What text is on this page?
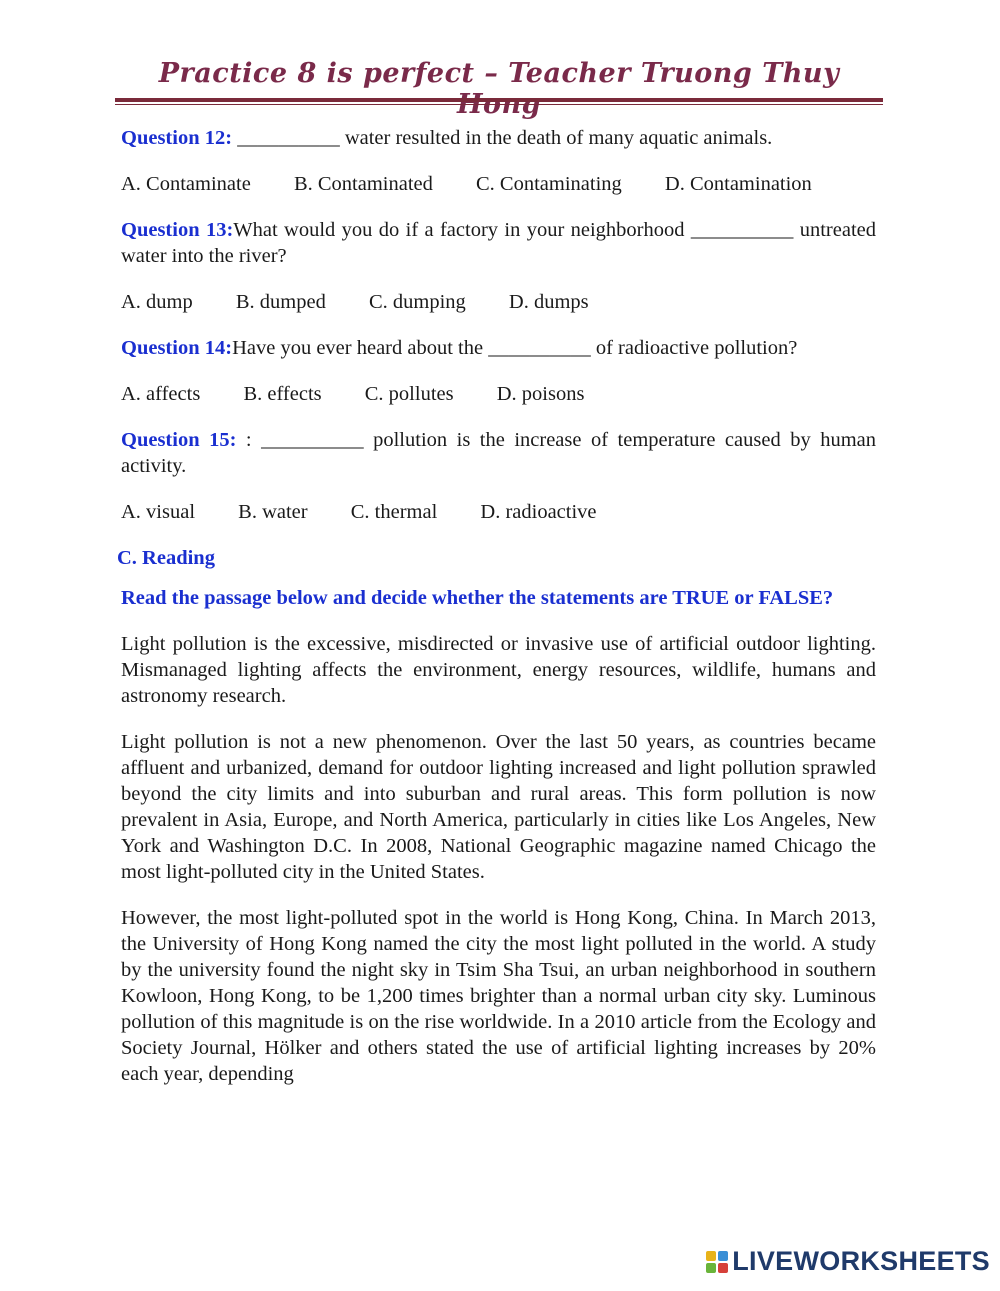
Practice 8 is perfect – Teacher Truong Thuy
Question 12: __________ water resulted in the death of many aquatic animals.
A. Contaminate B. Contaminated C. Contaminating D. Contamination
Question 13:What would you do if a factory in your neighborhood __________ untreated water into the river?
A. dump B. dumped C. dumping D. dumps
Question 14:Have you ever heard about the __________ of radioactive pollution?
A. affects B. effects C. pollutes D. poisons
Question 15: : __________ pollution is the increase of temperature caused by human activity.
A. visual B. water C. thermal D. radioactive
C. Reading
Read the passage below and decide whether the statements are TRUE or FALSE?
Light pollution is the excessive, misdirected or invasive use of artificial outdoor lighting. Mismanaged lighting affects the environment, energy resources, wildlife, humans and astronomy research.
Light pollution is not a new phenomenon. Over the last 50 years, as countries became affluent and urbanized, demand for outdoor lighting increased and light pollution sprawled beyond the city limits and into suburban and rural areas. This form pollution is now prevalent in Asia, Europe, and North America, particularly in cities like Los Angeles, New York and Washington D.C. In 2008, National Geographic magazine named Chicago the most light-polluted city in the United States.
However, the most light-polluted spot in the world is Hong Kong, China. In March 2013, the University of Hong Kong named the city the most light polluted in the world. A study by the university found the night sky in Tsim Sha Tsui, an urban neighborhood in southern Kowloon, Hong Kong, to be 1,200 times brighter than a normal urban city sky. Luminous pollution of this magnitude is on the rise worldwide. In a 2010 article from the Ecology and Society Journal, Hölker and others stated the use of artificial lighting increases by 20% each year, depending
LIVEWORKSHEETS
